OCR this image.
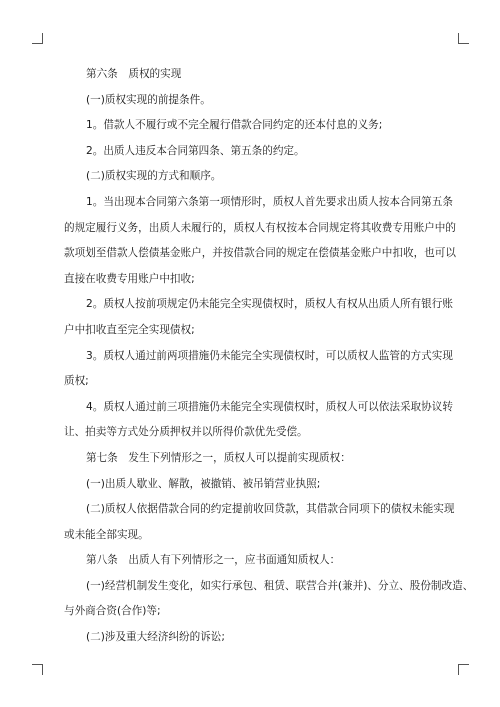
第六条　质权的实现

(一)质权实现的前提条件。

1。借款人不履行或不完全履行借款合同约定的还本付息的义务;

2。出质人违反本合同第四条、第五条的约定。

(二)质权实现的方式和顺序。

1。当出现本合同第六条第一项情形时，质权人首先要求出质人按本合同第五条

的规定履行义务，出质人未履行的，质权人有权按本合同规定将其收费专用账户中的

款项划至借款人偿债基金账户，并按借款合同的规定在偿债基金账户中扣收，也可以

直接在收费专用账户中扣收;

2。质权人按前项规定仍未能完全实现债权时，质权人有权从出质人所有银行账

户中扣收直至完全实现债权;

3。质权人通过前两项措施仍未能完全实现债权时，可以质权人监管的方式实现

质权;

4。质权人通过前三项措施仍未能完全实现债权时，质权人可以依法采取协议转

让、拍卖等方式处分质押权并以所得价款优先受偿。

第七条　发生下列情形之一，质权人可以提前实现质权：

(一)出质人歇业、解散，被撤销、被吊销营业执照;

(二)质权人依据借款合同的约定提前收回贷款，其借款合同项下的债权未能实现

或未能全部实现。

第八条　出质人有下列情形之一，应书面通知质权人：

(一)经营机制发生变化，如实行承包、租赁、联营合并(兼并)、分立、股份制改造、

与外商合资(合作)等;

(二)涉及重大经济纠纷的诉讼;
